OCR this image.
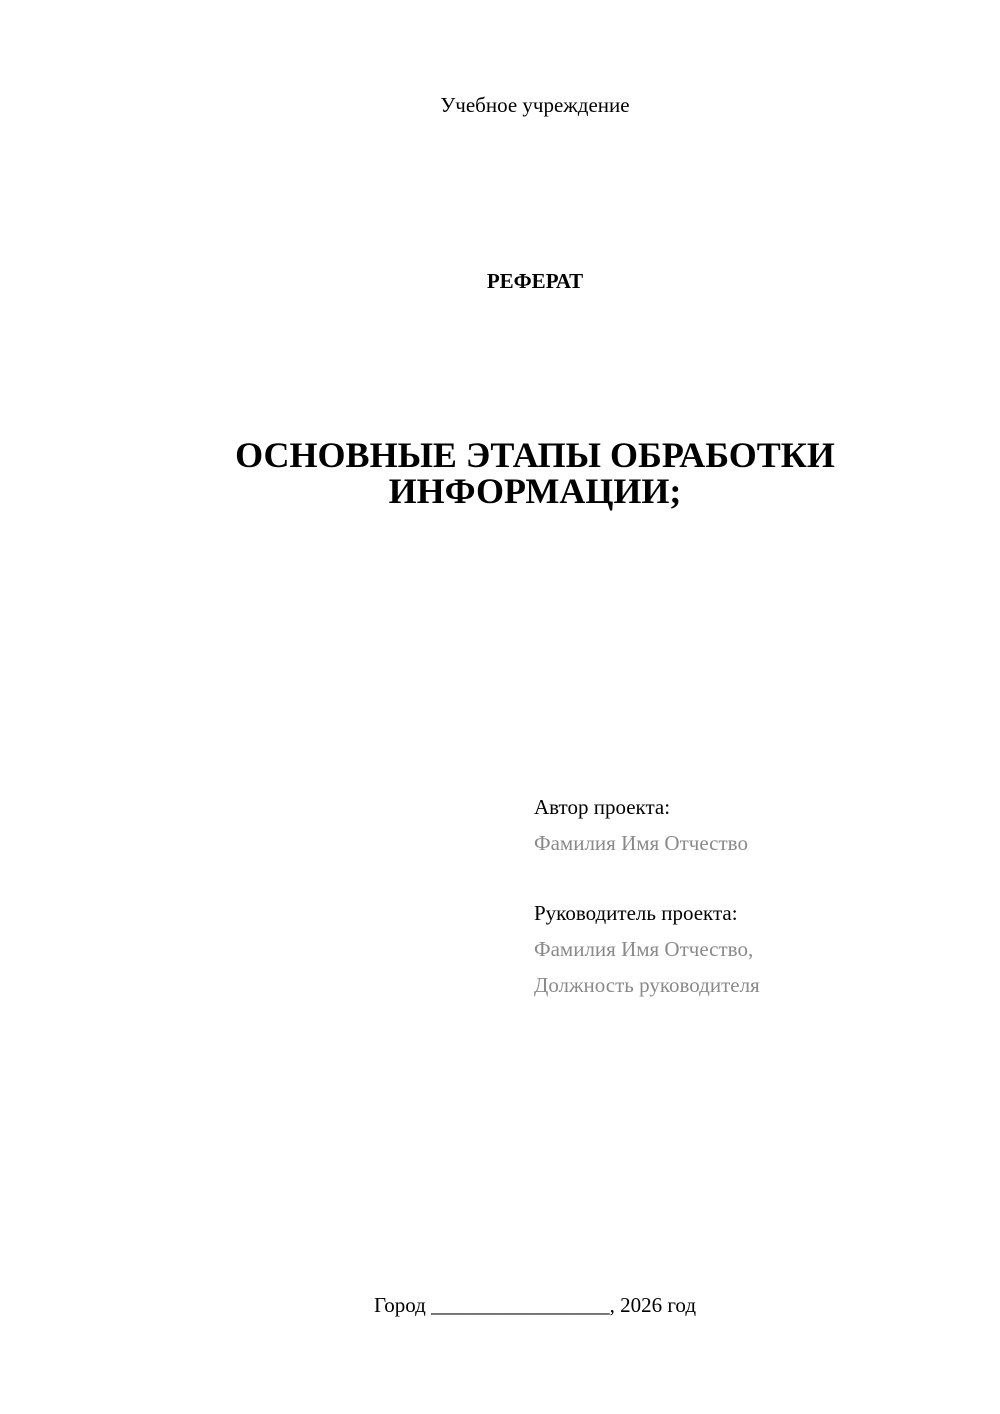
Учебное учреждение
РЕФЕРАТ
ОСНОВНЫЕ ЭТАПЫ ОБРАБОТКИ
ИНФОРМАЦИИ;
Автор проекта:
Фамилия Имя Отчество
Руководитель проекта:
Фамилия Имя Отчество,
Должность руководителя
Город _________________, 2026 год
